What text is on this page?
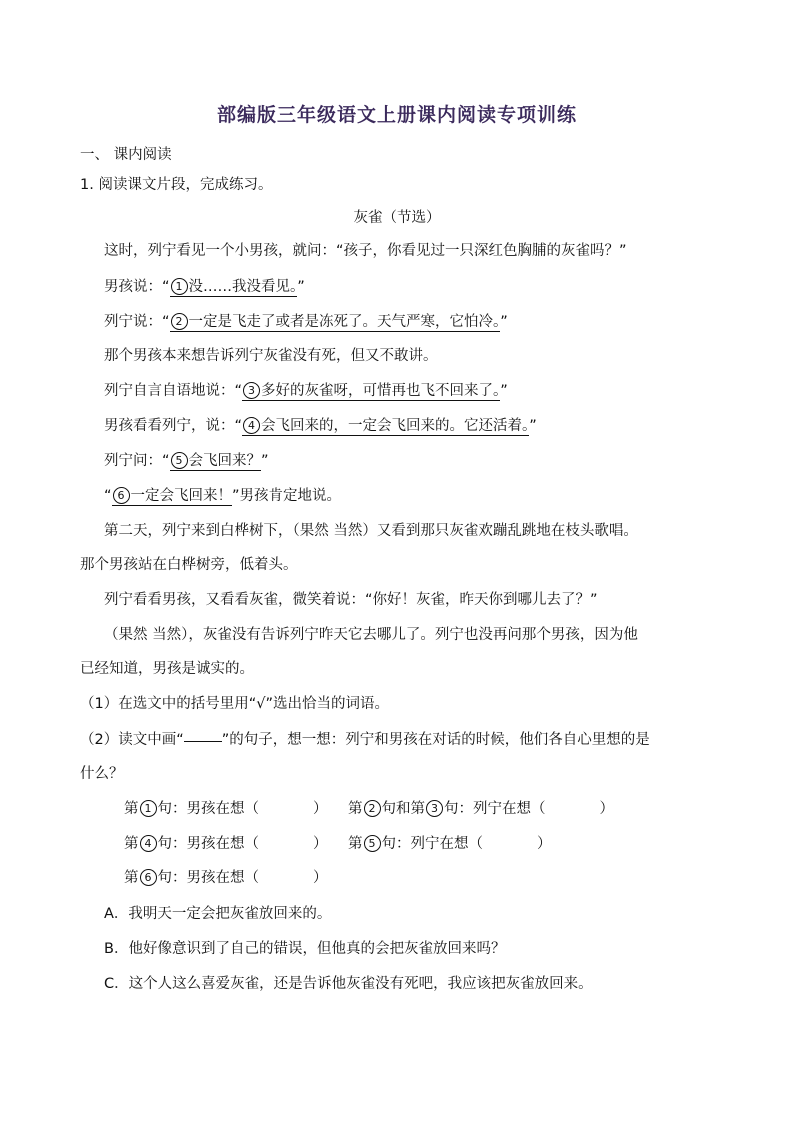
部编版三年级语文上册课内阅读专项训练
一、 课内阅读
1. 阅读课文片段，完成练习。
灰雀（节选）
这时，列宁看见一个小男孩，就问：“孩子，你看见过一只深红色胸脯的灰雀吗？”
男孩说：“ 1 没……我没看见。”
列宁说：“ 2 一定是飞走了或者是冻死了。天气严寒，它怕冷。”
那个男孩本来想告诉列宁灰雀没有死，但又不敢讲。
列宁自言自语地说：“ 3 多好的灰雀呀，可惜再也飞不回来了。”
男孩看看列宁，说：“ 4 会飞回来的，一定会飞回来的。它还活着。”
列宁问：“ 5 会飞回来？”
“ 6 一定会飞回来！”男孩肯定地说。
第二天，列宁来到白桦树下，（果然 当然）又看到那只灰雀欢蹦乱跳地在枝头歌唱。
那个男孩站在白桦树旁，低着头。
列宁看看男孩，又看看灰雀，微笑着说：“你好！灰雀，昨天你到哪儿去了？”
（果然 当然），灰雀没有告诉列宁昨天它去哪儿了。列宁也没再问那个男孩，因为他
已经知道，男孩是诚实的。
（1）在选文中的括号里用“√”选出恰当的词语。
（2）读文中画“	”的句子，想一想：列宁和男孩在对话的时候，他们各自心里想的是
什么？
第 1 句：男孩在想（	） 第 2 句和第 3 句：列宁在想（	）
第 4 句：男孩在想（	） 第 5 句：列宁在想（	）
第 6 句：男孩在想（	）
A．我明天一定会把灰雀放回来的。
B．他好像意识到了自己的错误，但他真的会把灰雀放回来吗？
C．这个人这么喜爱灰雀，还是告诉他灰雀没有死吧，我应该把灰雀放回来。
